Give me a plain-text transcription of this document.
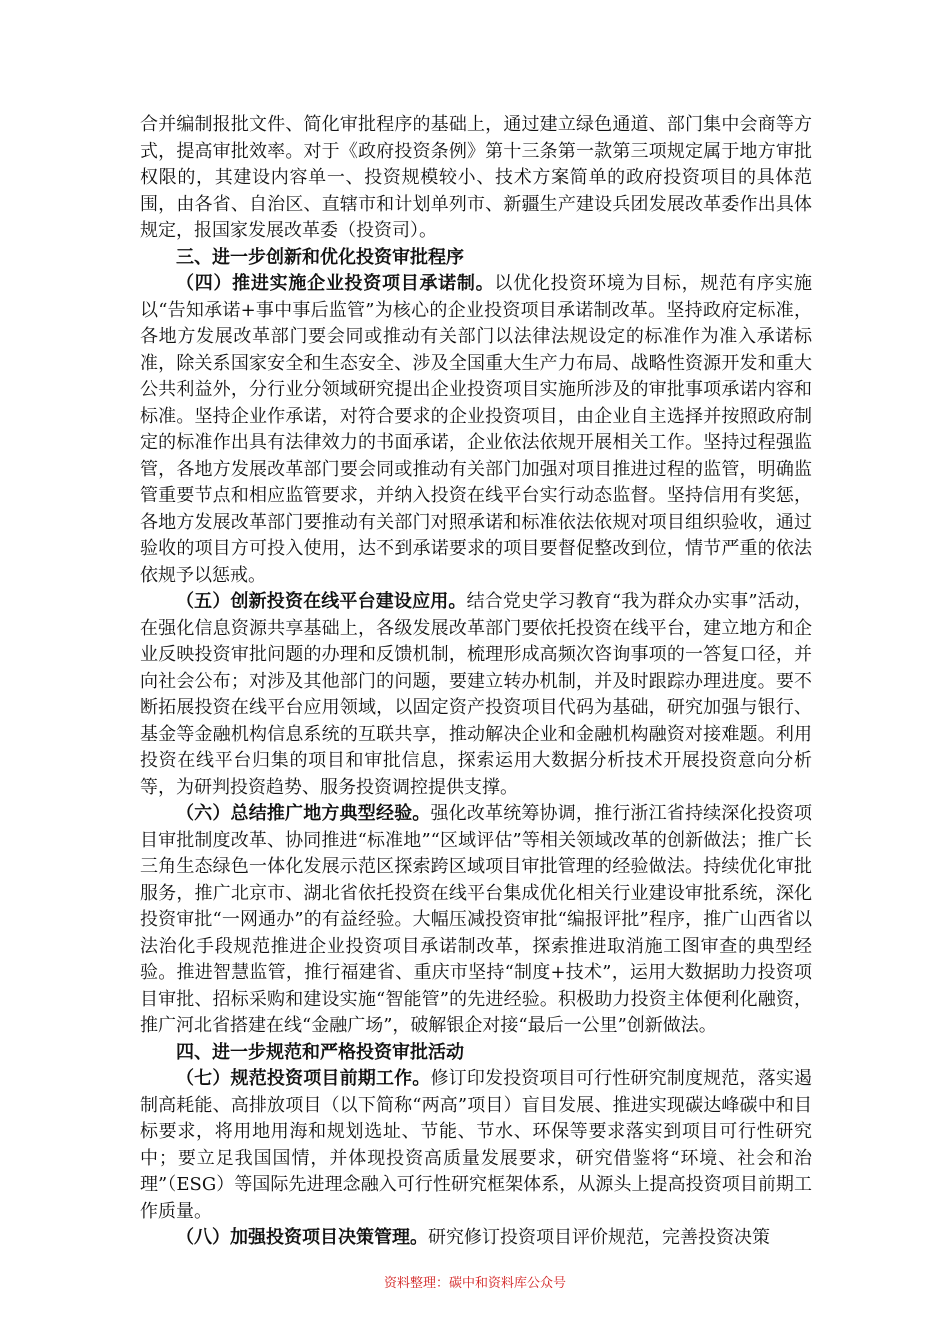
合并编制报批文件、简化审批程序的基础上，通过建立绿色通道、部门集中会商等方式，提高审批效率。对于《政府投资条例》第十三条第一款第三项规定属于地方审批权限的，其建设内容单一、投资规模较小、技术方案简单的政府投资项目的具体范围，由各省、自治区、直辖市和计划单列市、新疆生产建设兵团发展改革委作出具体规定，报国家发展改革委（投资司）。

三、进一步创新和优化投资审批程序

（四）推进实施企业投资项目承诺制。以优化投资环境为目标，规范有序实施以“告知承诺+事中事后监管”为核心的企业投资项目承诺制改革。坚持政府定标准，各地方发展改革部门要会同或推动有关部门以法律法规设定的标准作为准入承诺标准，除关系国家安全和生态安全、涉及全国重大生产力布局、战略性资源开发和重大公共利益外，分行业分领域研究提出企业投资项目实施所涉及的审批事项承诺内容和标准。坚持企业作承诺，对符合要求的企业投资项目，由企业自主选择并按照政府制定的标准作出具有法律效力的书面承诺，企业依法依规开展相关工作。坚持过程强监管，各地方发展改革部门要会同或推动有关部门加强对项目推进过程的监管，明确监管重要节点和相应监管要求，并纳入投资在线平台实行动态监督。坚持信用有奖惩，各地方发展改革部门要推动有关部门对照承诺和标准依法依规对项目组织验收，通过验收的项目方可投入使用，达不到承诺要求的项目要督促整改到位，情节严重的依法依规予以惩戒。

（五）创新投资在线平台建设应用。结合党史学习教育“我为群众办实事”活动，在强化信息资源共享基础上，各级发展改革部门要依托投资在线平台，建立地方和企业反映投资审批问题的办理和反馈机制，梳理形成高频次咨询事项的一答复口径，并向社会公布；对涉及其他部门的问题，要建立转办机制，并及时跟踪办理进度。要不断拓展投资在线平台应用领域，以固定资产投资项目代码为基础，研究加强与银行、基金等金融机构信息系统的互联共享，推动解决企业和金融机构融资对接难题。利用投资在线平台归集的项目和审批信息，探索运用大数据分析技术开展投资意向分析等，为研判投资趋势、服务投资调控提供支撑。

（六）总结推广地方典型经验。强化改革统筹协调，推行浙江省持续深化投资项目审批制度改革、协同推进“标准地”“区域评估”等相关领域改革的创新做法；推广长三角生态绿色一体化发展示范区探索跨区域项目审批管理的经验做法。持续优化审批服务，推广北京市、湖北省依托投资在线平台集成优化相关行业建设审批系统，深化投资审批“一网通办”的有益经验。大幅压减投资审批“编报评批”程序，推广山西省以法治化手段规范推进企业投资项目承诺制改革，探索推进取消施工图审查的典型经验。推进智慧监管，推行福建省、重庆市坚持“制度+技术”，运用大数据助力投资项目审批、招标采购和建设实施“智能管”的先进经验。积极助力投资主体便利化融资，推广河北省搭建在线“金融广场”，破解银企对接“最后一公里”创新做法。

四、进一步规范和严格投资审批活动

（七）规范投资项目前期工作。修订印发投资项目可行性研究制度规范，落实遏制高耗能、高排放项目（以下简称“两高”项目）盲目发展、推进实现碳达峰碳中和目标要求，将用地用海和规划选址、节能、节水、环保等要求落实到项目可行性研究中；要立足我国国情，并体现投资高质量发展要求，研究借鉴将“环境、社会和治理”（ESG）等国际先进理念融入可行性研究框架体系，从源头上提高投资项目前期工作质量。

（八）加强投资项目决策管理。研究修订投资项目评价规范，完善投资决策

资料整理：碳中和资料库公众号
